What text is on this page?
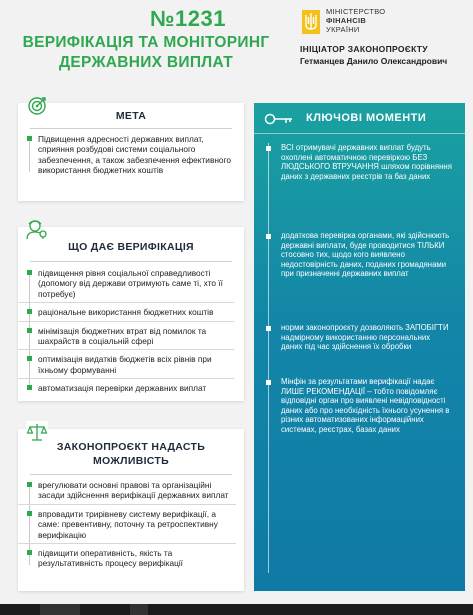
№1231
ВЕРИФІКАЦІЯ ТА МОНІТОРИНГ
ДЕРЖАВНИХ ВИПЛАТ
МІНІСТЕРСТВО
ФІНАНСІВ
УКРАЇНИ
ІНІЦІАТОР ЗАКОНОПРОЄКТУ
Гетманцев Данило Олександрович
МЕТА
Підвищення адресності державних виплат, сприяння розбудові системи соціального забезпечення, а також забезпечення ефективного використання бюджетних коштів
ЩО ДАЄ ВЕРИФІКАЦІЯ
підвищення рівня соціальної справедливості (допомогу від держави отримують саме ті, хто її потребує)
раціональне використання бюджетних коштів
мінімізація бюджетних втрат від помилок та шахрайств в соціальній сфері
оптимізація видатків бюджетів всіх рівнів при їхньому формуванні
автоматизація перевірки державних виплат
ЗАКОНОПРОЄКТ НАДАСТЬ
МОЖЛИВІСТЬ
врегулювати основні правові та організаційні засади здійснення верифікації державних виплат
впровадити трирівневу систему верифікації, а саме: превентивну, поточну та ретроспективну верифікацію
підвищити оперативність, якість та результативність процесу верифікації
КЛЮЧОВІ МОМЕНТИ
ВСІ отримувачі державних виплат будуть охоплені автоматичною перевіркою БЕЗ ЛЮДСЬКОГО ВТРУЧАННЯ шляхом порівняння даних з державних реєстрів та баз даних
додаткова перевірка органами, які здійснюють державні виплати, буде проводитися ТІЛЬКИ стосовно тих, щодо кого виявлено недостовірність даних, поданих громадянами при призначенні державних виплат
норми законопроєкту дозволяють ЗАПОБІГТИ надмірному використанню персональних даних під час здійснення їх обробки
Мінфін за результатами верифікації надає ЛИШЕ РЕКОМЕНДАЦІЇ – тобто повідомляє відповідні орган про виявлені невідповідності даних або про необхідність їхнього усунення в різних автоматизованих інформаційних системах, реєстрах, базах даних
